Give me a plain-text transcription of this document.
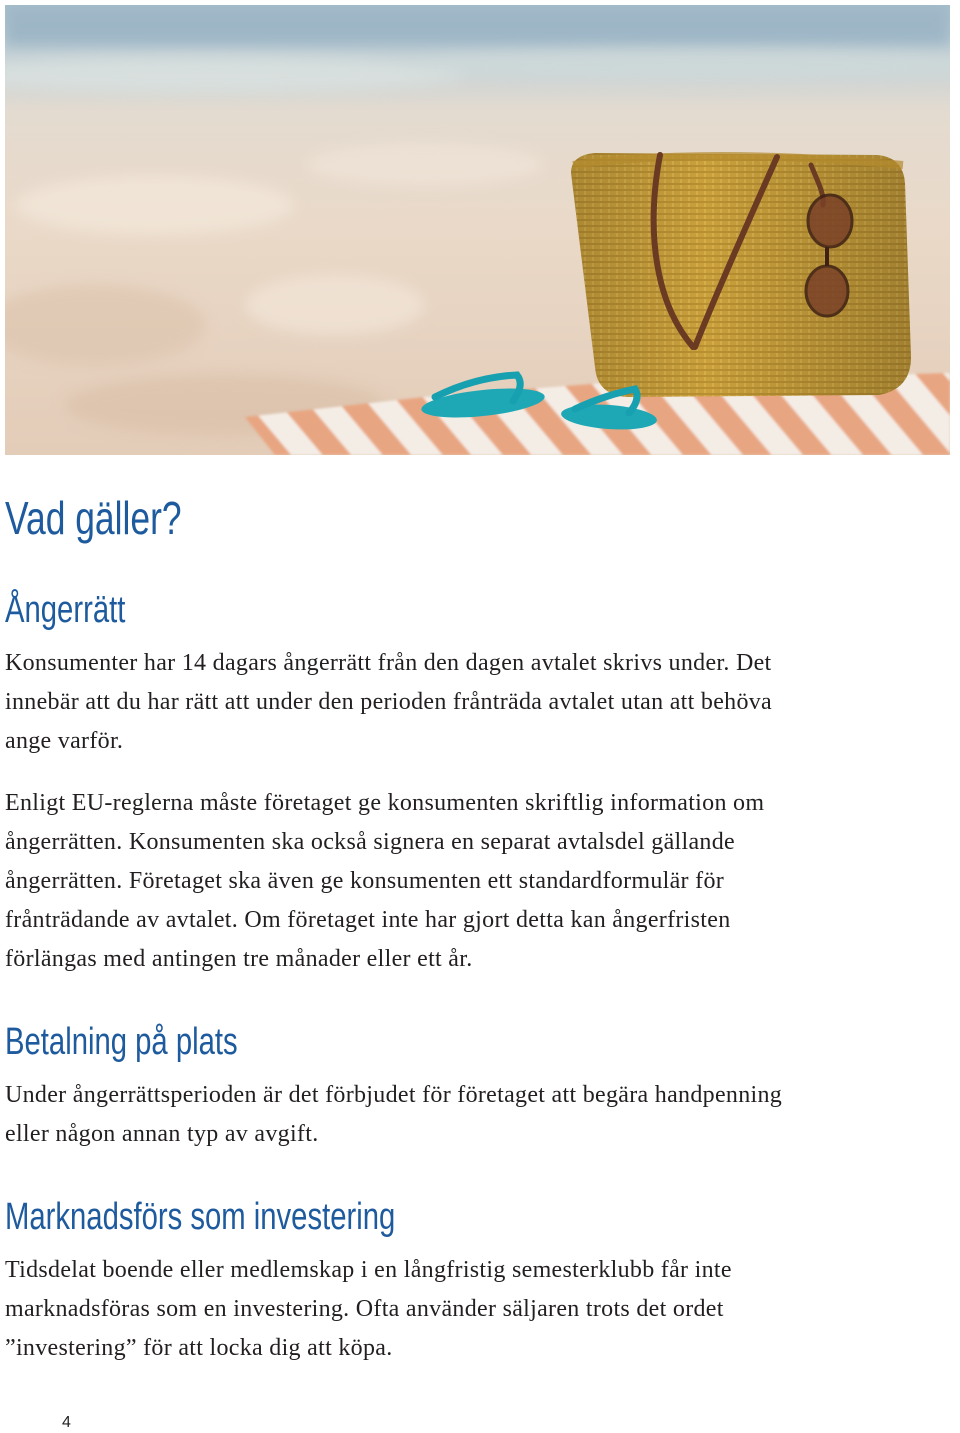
Vad gäller?
Ångerrätt
Konsumenter har 14 dagars ångerrätt från den dagen avtalet skrivs under. Det
innebär att du har rätt att under den perioden frånträda avtalet utan att behöva
ange varför.
Enligt EU-reglerna måste företaget ge konsumenten skriftlig information om
ångerrätten. Konsumenten ska också signera en separat avtalsdel gällande
ångerrätten. Företaget ska även ge konsumenten ett standardformulär för
frånträdande av avtalet. Om företaget inte har gjort detta kan ångerfristen
förlängas med antingen tre månader eller ett år.
Betalning på plats
Under ångerrättsperioden är det förbjudet för företaget att begära handpenning
eller någon annan typ av avgift.
Marknadsförs som investering
Tidsdelat boende eller medlemskap i en långfristig semesterklubb får inte
marknadsföras som en investering. Ofta använder säljaren trots det ordet
”investering” för att locka dig att köpa.
4
